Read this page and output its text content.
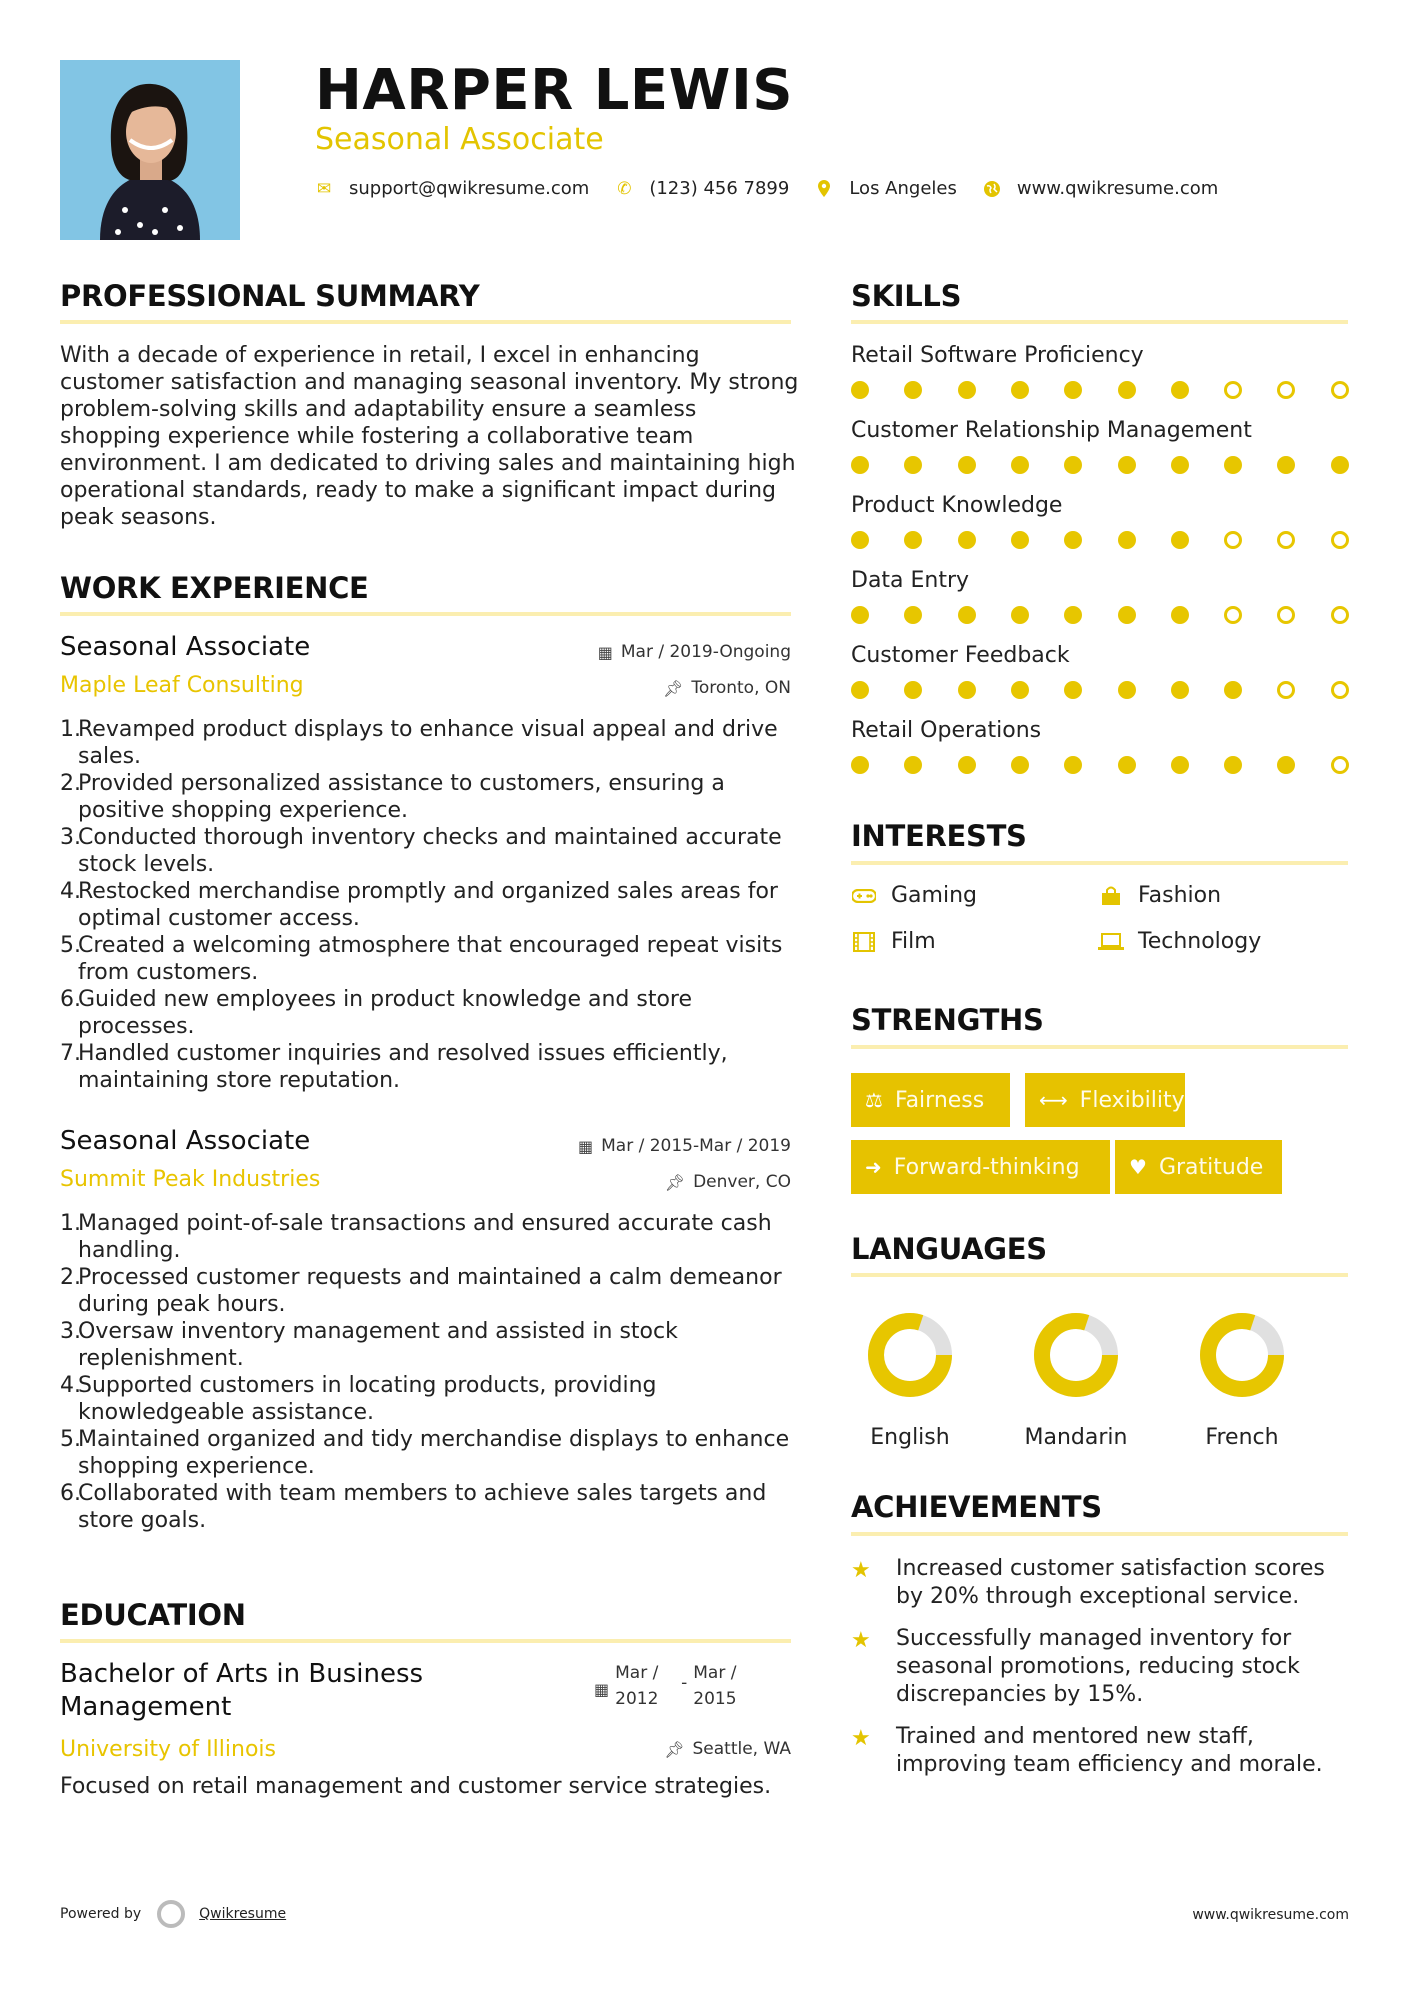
HARPER LEWIS
Seasonal Associate
✉ support@qwikresume.com ✆ (123) 456 7899	Los Angeles	www.qwikresume.com
PROFESSIONAL SUMMARY
With a decade of experience in retail, I excel in enhancing customer satisfaction and managing seasonal inventory. My strong problem-solving skills and adaptability ensure a seamless shopping experience while fostering a collaborative team environment. I am dedicated to driving sales and maintaining high operational standards, ready to make a significant impact during peak seasons.
WORK EXPERIENCE
Seasonal Associate	▦ Mar / 2019-Ongoing
Maple Leaf Consulting	📌︎ Toronto, ON
1.
Revamped product displays to enhance visual appeal and drive sales.
2.
Provided personalized assistance to customers, ensuring a positive shopping experience.
3.
Conducted thorough inventory checks and maintained accurate stock levels.
4.
Restocked merchandise promptly and organized sales areas for optimal customer access.
5.
Created a welcoming atmosphere that encouraged repeat visits from customers.
6.
Guided new employees in product knowledge and store processes.
7.
Handled customer inquiries and resolved issues efficiently, maintaining store reputation.
Seasonal Associate	▦ Mar / 2015-Mar / 2019
Summit Peak Industries	📌︎ Denver, CO
1.
Managed point-of-sale transactions and ensured accurate cash handling.
2.
Processed customer requests and maintained a calm demeanor during peak hours.
3.
Oversaw inventory management and assisted in stock replenishment.
4.
Supported customers in locating products, providing knowledgeable assistance.
5.
Maintained organized and tidy merchandise displays to enhance shopping experience.
6.
Collaborated with team members to achieve sales targets and store goals.
EDUCATION
Bachelor of Arts in Business Management
▦
Mar / 2012
- Mar / 2015
University of Illinois	📌︎ Seattle, WA
Focused on retail management and customer service strategies.
SKILLS
Retail Software Proficiency
Customer Relationship Management
Product Knowledge
Data Entry
Customer Feedback
Retail Operations
INTERESTS
Gaming	Fashion
Film	Technology
STRENGTHS
⚖ Fairness	⟷ Flexibility
➜ Forward-thinking ♥ Gratitude
LANGUAGES
English	Mandarin	French
ACHIEVEMENTS
★	Increased customer satisfaction scores by 20% through exceptional service.
★	Successfully managed inventory for seasonal promotions, reducing stock discrepancies by 15%.
★	Trained and mentored new staff, improving team efficiency and morale.
Powered by	Qwikresume	www.qwikresume.com
